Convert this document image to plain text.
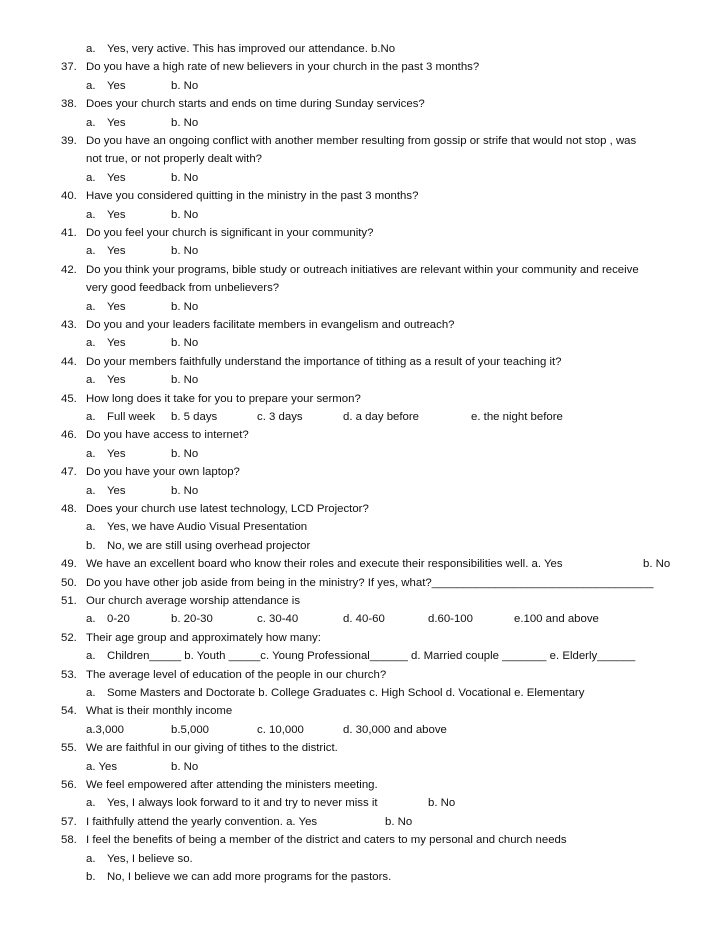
a. Yes, very active. This has improved our attendance. b.No
37. Do you have a high rate of new believers in your church in the past 3 months?
a. Yes	b. No
38. Does your church starts and ends on time during Sunday services?
a. Yes	b. No
39. Do you have an ongoing conflict with another member resulting from gossip or strife that would not stop , was
not true, or not properly dealt with?
a. Yes	b. No
40. Have you considered quitting in the ministry in the past 3 months?
a. Yes	b. No
41. Do you feel your church is significant in your community?
a. Yes	b. No
42. Do you think your programs, bible study or outreach initiatives are relevant within your community and receive
very good feedback from unbelievers?
a. Yes	b. No
43. Do you and your leaders facilitate members in evangelism and outreach?
a. Yes	b. No
44. Do your members faithfully understand the importance of tithing as a result of your teaching it?
a. Yes	b. No
45. How long does it take for you to prepare your sermon?
a. Full week b. 5 days	c. 3 days	d. a day before	e. the night before
46. Do you have access to internet?
a. Yes	b. No
47. Do you have your own laptop?
a. Yes	b. No
48. Does your church use latest technology, LCD Projector?
a. Yes, we have Audio Visual Presentation
b. No, we are still using overhead projector
49. We have an excellent board who know their roles and execute their responsibilities well. a. Yes	b. No
50. Do you have other job aside from being in the ministry? If yes, what?___________________________________
51. Our church average worship attendance is
a. 0-20	b. 20-30	c. 30-40	d. 40-60	d.60-100	e.100 and above
52. Their age group and approximately how many:
a. Children_____ b. Youth _____c. Young Professional______ d. Married couple _______ e. Elderly______
53. The average level of education of the people in our church?
a. Some Masters and Doctorate b. College Graduates c. High School d. Vocational e. Elementary
54. What is their monthly income
a.3,000	b.5,000	c. 10,000	d. 30,000 and above
55. We are faithful in our giving of tithes to the district.
a. Yes	b. No
56. We feel empowered after attending the ministers meeting.
a. Yes, I always look forward to it and try to never miss it	b. No
57. I faithfully attend the yearly convention. a. Yes	b. No
58. I feel the benefits of being a member of the district and caters to my personal and church needs
a. Yes, I believe so.
b. No, I believe we can add more programs for the pastors.
